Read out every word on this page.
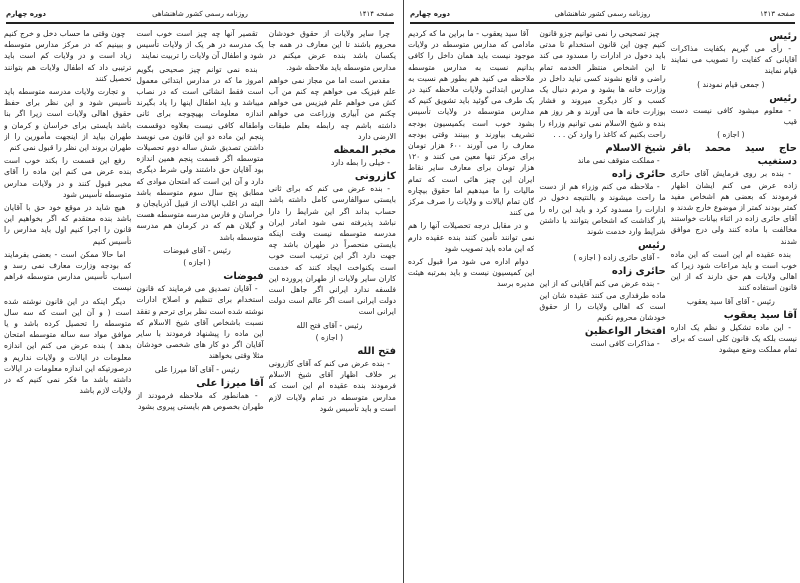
صفحه ۱۴۱۴
روزنامه رسمی کشور شاهنشاهی
دوره چهارم

چرا سایر ولایات از حقوق خودشان محروم باشند تا این معارف در همه جا یکسان باشد بنده عرض میکنم در مدارس متوسطه باید ملاحظه شود.

مقدس است اما من مجاز نمی خواهم علم فیزیک می خواهم چه کنم من آب کش می خواهم علم فیزیس می خواهم چکنم من آبیاری وزراعت می خواهم داشته باشم چه رابطه بعلم طبقات الارضی دارد

مخبر المعظه

- خیلی را بطه دارد

کازرونی

- بنده عرض می کنم که برای ثانی بایستی سوالفارسی کامل داشته باشد حساب بداند اگر این شرایط را دارا نباشد پذیرفته نمی شود امادر ایران مدرسه متوسطه نیست وقت اینکه بایستی منحصراً در طهران باشد چه جهت دارد اگر این ترتیب است خوب است یکنواخت ایجاد کنند که خدمت کاران سایر ولایات از طهران پرورده این فلسفه ندارد ایرانی اگر جاهل است دولت ایرانی است اگر عالم است دولت ایرانی است

رئیس - آقای فتح الله

( اجازه )

فتح الله

- بنده عرض می کنم که آقای کازرونی بر خلاف اظهار آقای شیخ الاسلام فرمودند بنده عقیده ام این است که مدارس متوسطه در تمام ولایات لازم است و باید تأسیس شود

تقصیر آنها چه چیز است خوب است یک مدرسه در هر یک از ولایات تأسیس شود و اطفال آن ولایات را تربیت نمایند

بنده نمی توانم چیز صحیحی بگویم امروز ما که در مدارس ابتدائی معمول است فقط انشائی است که در نصاب میباشد و باید اطفال اینها را یاد بگیرند اندازه معلومات بهیچوجه برای ثانی واطفاله کافی نیست بعلاوه دوقسمت پنجم این ماده دو این قانون می نویسد داشتن تصدیق شش ساله دوم تحصیلات متوسطه اگر قسمت پنجم همین اندازه بود آقایان حق داشتند ولی شرط دیگری دارد و آن این است که امتحان موادی که مطابق پنج سال سوم متوسطه باشد البته در اغلب ایالات از قبیل آذربایجان و خراسان و فارس مدرسه متوسطه هست و گیلان هم که در کرمان هم مدرسه متوسطه باشد

رئیس - آقای فیوضات

( اجازه )

فیوضات

- آقایان تصدیق می فرمایند که قانون استخدام برای تنظیم و اصلاح ادارات نوشته شده است نظر برای ترحم و تفقد نسبت باشخاص آقای شیخ الاسلام که این ماده را پیشنهاد فرمودند با سایر آقایان اگر دو کار های شخصی خودشان مثلا وقتی بخواهند

رئیس - آقای آقا میرزا علی

آقا میرزا علی

- همانطور که ملاحظه فرمودند از طهران بخصوص هم بایستی پیروی بشود

چون وقتی ما حساب دخل و خرج کنیم و ببینیم که در مرکز مدارس متوسطه زیاد است و در ولایات کم است باید ترتیبی داد که اطفال ولایات هم بتوانند تحصیل کنند

و تجارت ولایات مدرسه متوسطه باید تأسیس شود و این نظر برای حفظ حقوق اهالی ولایات است زیرا اگر بنا باشد بایستی برای خراسان و کرمان و طهران بیاید از اینجهت مأمورین را از طهران بروند این نظر را قبول نمی کنم

رفع این قسمت را بکند خوب است بنده عرض می کنم این ماده را آقای مخبر قبول کنند و در ولایات مدارس متوسطه تأسیس شود

هیچ شاید در موقع خود حق با آقایان باشد بنده معتقدم که اگر بخواهیم این قانون را اجرا کنیم اول باید مدارس را تأسیس کنیم

اما حالا ممکن است - بعضی بفرمایند که بودجه وزارت معارف نمی رسد و اسباب تأسیس مدارس متوسطه فراهم نیست

دیگر اینکه در این قانون نوشته شده است ( و آن این است که سه سال متوسطه را تحصیل کرده باشد و یا موافق مواد سه ساله متوسطه امتحان بدهد ) بنده عرض می کنم این اندازه معلومات در ایالات و ولایات نداریم و درصورتیکه این اندازه معلومات در ایالات داشته باشد ما فکر نمی کنیم که در ولایات لازم باشد

صفحه ۱۴۱۳
روزنامه رسمی کشور شاهنشاهی
دوره چهارم
رئیس

- رأی می گیریم بکفایت مذاکرات آقایانی که کفایت را تصویب می نمایند قیام نمایند

( جمعی قیام نمودند )

رئیس

- معلوم میشود کافی نیست دست قیب

( اجازه )

حاج سید محمد باقر دستغیب

- بنده بر روی فرمایش آقای حائری زاده عرض می کنم ایشان اظهار فرمودند که بعضی هم اشخاص مفید کمتر بودند کمتر از موضوع خارج شدند و آقای حائری زاده در اثناء بیانات خواستند مخالفت با ماده کنند ولی درج موافق شدند

بنده عقیده ام این است که این ماده خوب است و باید مراعات شود زیرا که اهالی ولایات هم حق دارند که از این قانون استفاده کنند

رئیس - آقای آقا سید یعقوب

آقا سید یعقوب

- این ماده تشکیل و نظم یک اداره نیست بلکه یک قانون کلی است که برای تمام مملکت وضع میشود

چیز تصحیحی را نمی توانیم جزو قانون کنیم چون این قانون استخدام تا مدتی باید دخول در ادارات را مسدود می کند تا این اشخاص منتظر الخدمه تمام راضی و قانع نشوند کسی نباید داخل در وزارت خانه ها بشود و مردم دنبال یک کسب و کار دیگری میروند و فشار بوزارت خانه ها می آورند و هر روز هم بنده و شیخ الاسلام نمی توانیم وزراء را راحت بکنیم که کاغذ را وارد کن . . .

شیخ الاسلام

- مملکت متوقف نمی ماند

حائری زاده

- ملاحظه می کنم وزراء هم از دست ما راحت میشوند و بالنتیجه دخول در ادارات را مسدود کرد و باید این راه را باز گذاشت که اشخاص بتوانند با داشتن شرایط وارد خدمت شوند

رئیس

- آقای حائری زاده ( اجازه )

حائری زاده

- بنده عرض می کنم آقایانی که از این ماده طرفداری می کنند عقیده شان این است که اهالی ولایات را از حقوق خودشان محروم نکنیم

افتخار الواعظین

- مذاکرات کافی است

آقا سید یعقوب - ما براین ما که کردیم مادامی که مدارس متوسطه در ولایات موجود نیست باید همان داخل را کافی بدانیم نسبت به مدارس متوسطه ملاحظه می کنید هم بطور هم نسبت به مدارس ابتدائی ولایات ملاحظه کنید در یک طرف می گوئید باید تشویق کنیم که مدارس متوسطه در ولایات تأسیس بشود خوب است بکمیسیون بودجه تشریف بیاورند و ببینند وقتی بودجه معارف را می آورند ۶۰۰ هزار تومان برای مرکز تنها معین می کنند و ۱۲۰ هزار تومان برای معارف سایر نقاط ایران این چیز هائی است که تمام مالیات را ما میدهیم اما حقوق بیچاره گان تمام ایالات و ولایات را صرف مرکز می کنند

و در مقابل درجه تحصیلات آنها را هم نمی توانند تأمین کنند بنده عقیده دارم که این ماده باید تصویب شود

دوام اداره می شود مرا قبول کرده این کمیسیون نیست و باید بمرتبه هیئت مدیره برسد
